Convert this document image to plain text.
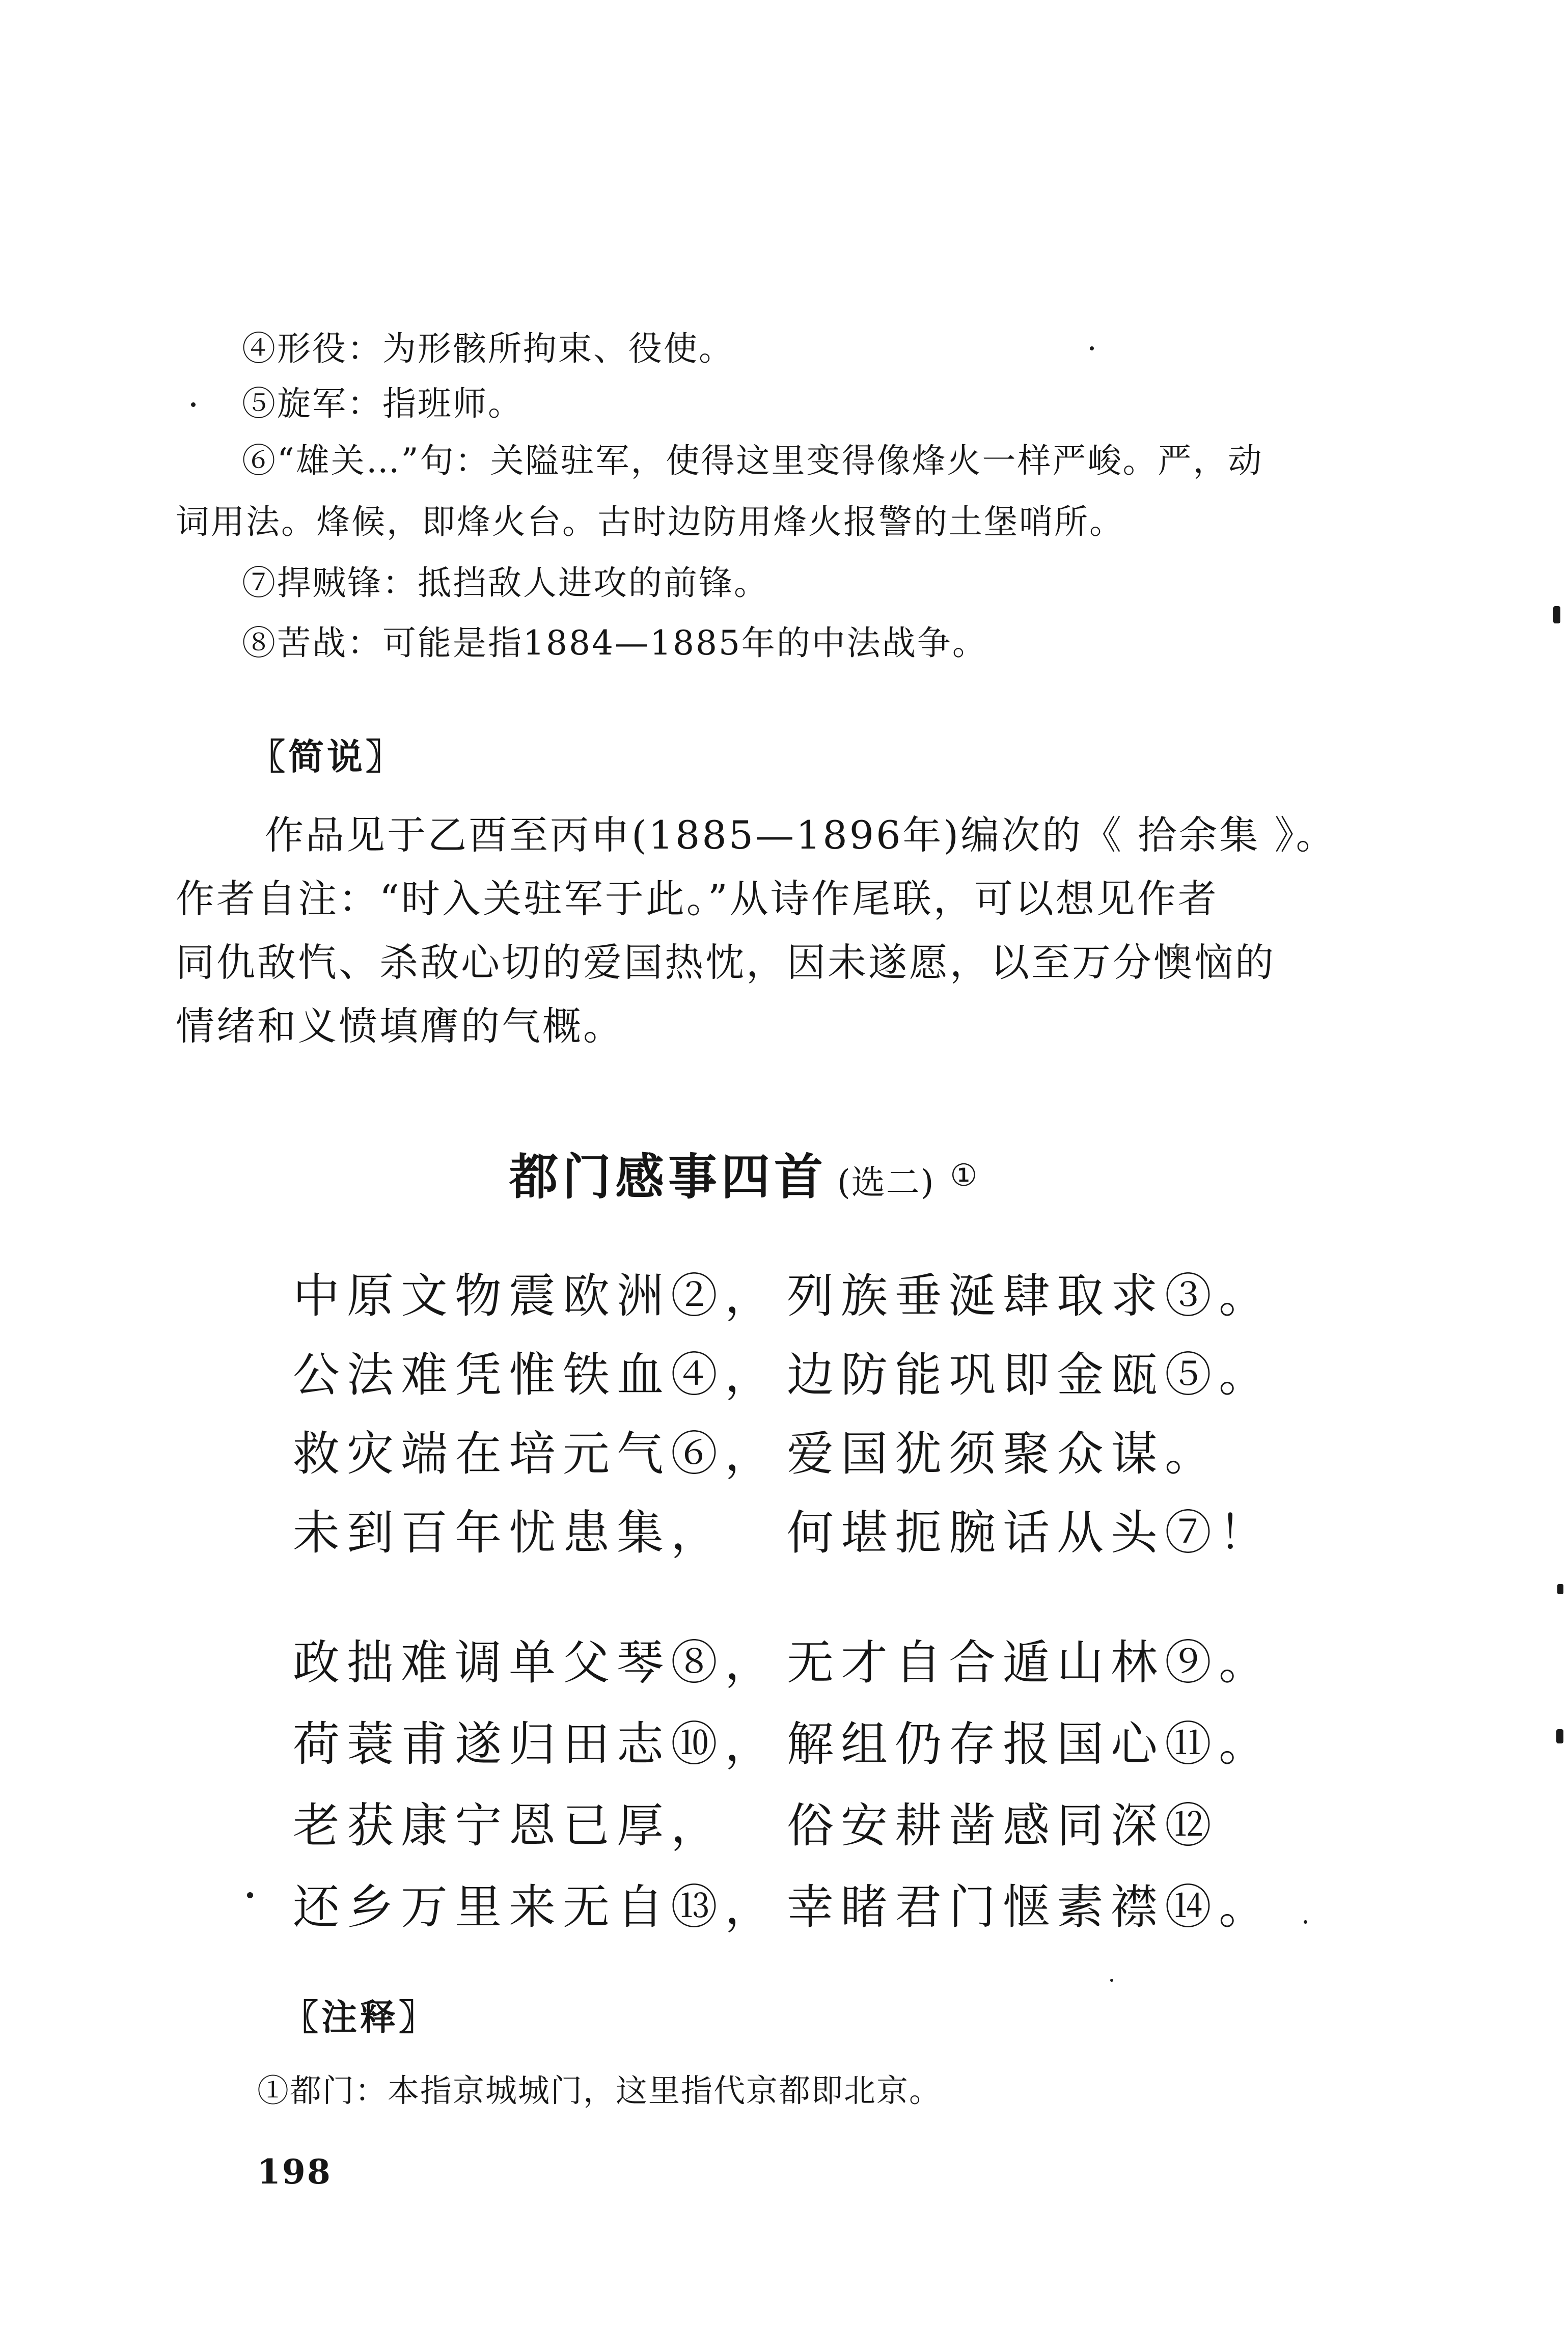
④形役：为形骸所拘束、役使。
⑤旋军：指班师。
⑥“雄关…”句：关隘驻军，使得这里变得像烽火一样严峻。严，动
词用法。烽候，即烽火台。古时边防用烽火报警的土堡哨所。
⑦捍贼锋：抵挡敌人进攻的前锋。
⑧苦战：可能是指1884—1885年的中法战争。
〖简说〗
作品见于乙酉至丙申(1885—1896年)编次的《 拾余集 》。
作者自注：“时入关驻军于此。”从诗作尾联，可以想见作者
同仇敌忾、杀敌心切的爱国热忱，因未遂愿，以至万分懊恼的
情绪和义愤填膺的气概。
都门感事四首 (选二) ①
中原文物震欧洲②， 列族垂涎肆取求③。
公法难凭惟铁血④， 边防能巩即金瓯⑤。
救灾端在培元气⑥， 爱国犹须聚众谋。
未到百年忧患集， 何堪扼腕话从头⑦！
政拙难调单父琴⑧， 无才自合遁山林⑨。
荷蓑甫遂归田志⑩， 解组仍存报国心⑪。
老获康宁恩已厚， 俗安耕凿感同深⑫
还乡万里来无自⑬， 幸睹君门惬素襟⑭。
〖注释〗
①都门：本指京城城门，这里指代京都即北京。
198
